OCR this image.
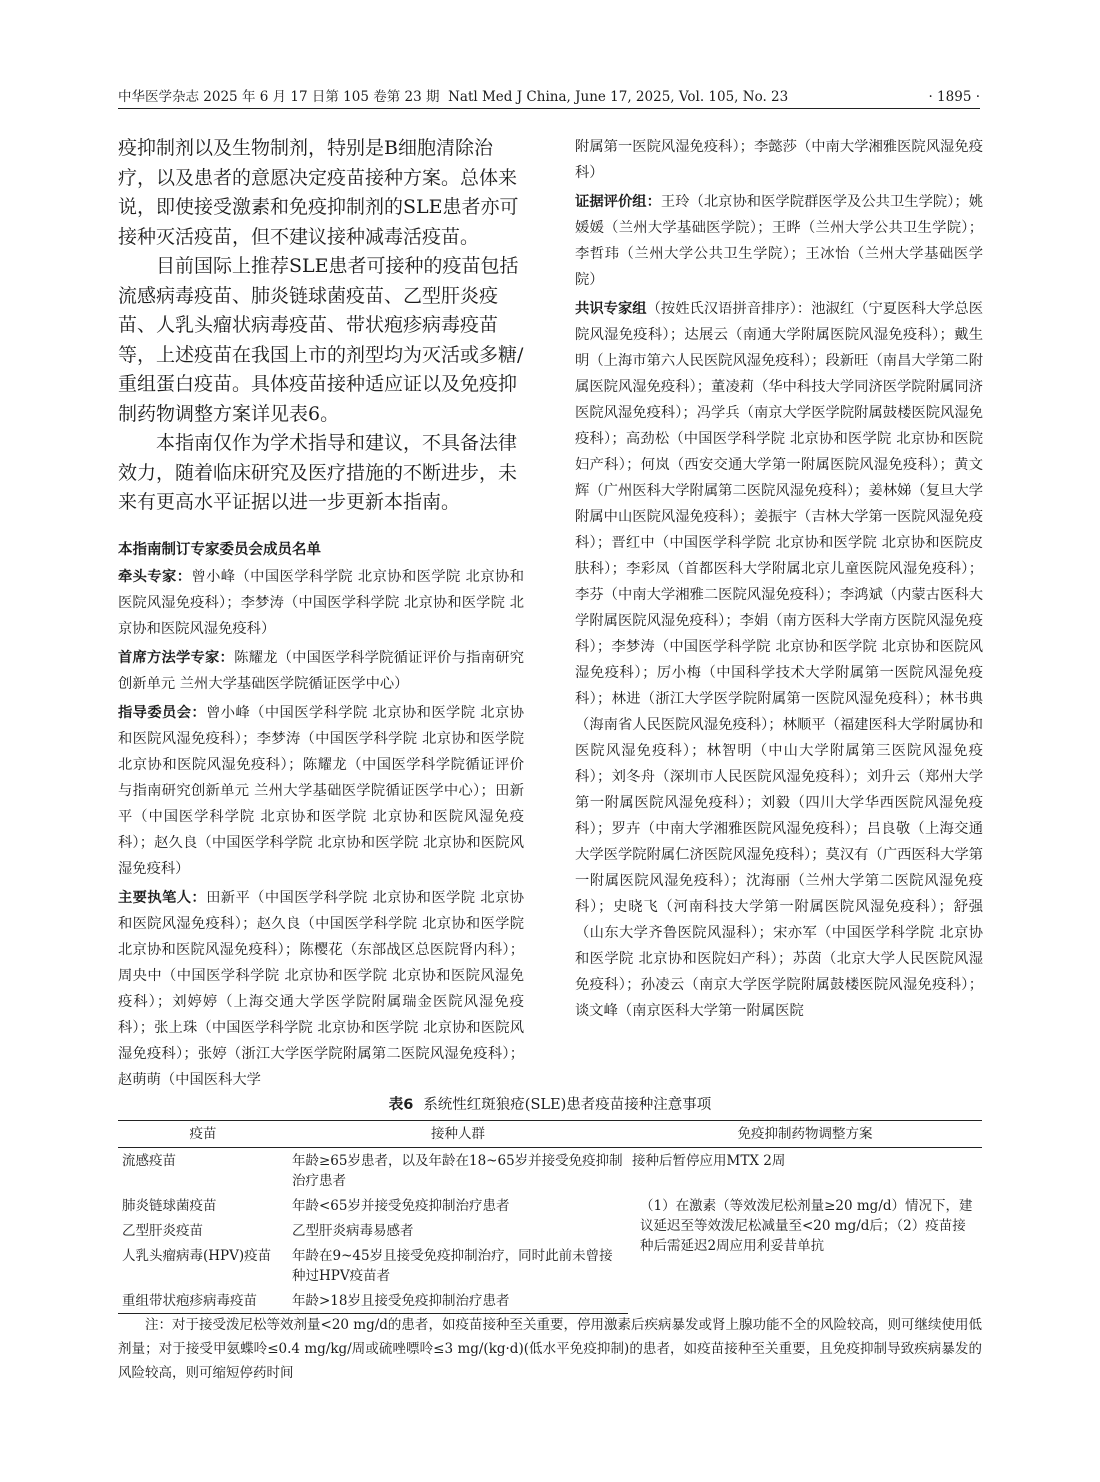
中华医学杂志 2025 年 6 月 17 日第 105 卷第 23 期 Natl Med J China, June 17, 2025, Vol. 105, No. 23	· 1895 ·

疫抑制剂以及生物制剂，特别是B细胞清除治疗，以及患者的意愿决定疫苗接种方案。总体来说，即使接受激素和免疫抑制剂的SLE患者亦可接种灭活疫苗，但不建议接种减毒活疫苗。

目前国际上推荐SLE患者可接种的疫苗包括流感病毒疫苗、肺炎链球菌疫苗、乙型肝炎疫苗、人乳头瘤状病毒疫苗、带状疱疹病毒疫苗等，上述疫苗在我国上市的剂型均为灭活或多糖/重组蛋白疫苗。具体疫苗接种适应证以及免疫抑制药物调整方案详见表6。

本指南仅作为学术指导和建议，不具备法律效力，随着临床研究及医疗措施的不断进步，未来有更高水平证据以进一步更新本指南。

本指南制订专家委员会成员名单

牵头专家：曾小峰（中国医学科学院 北京协和医学院 北京协和医院风湿免疫科）；李梦涛（中国医学科学院 北京协和医学院 北京协和医院风湿免疫科）

首席方法学专家：陈耀龙（中国医学科学院循证评价与指南研究创新单元 兰州大学基础医学院循证医学中心）

指导委员会：曾小峰（中国医学科学院 北京协和医学院 北京协和医院风湿免疫科）；李梦涛（中国医学科学院 北京协和医学院 北京协和医院风湿免疫科）；陈耀龙（中国医学科学院循证评价与指南研究创新单元 兰州大学基础医学院循证医学中心）；田新平（中国医学科学院 北京协和医学院 北京协和医院风湿免疫科）；赵久良（中国医学科学院 北京协和医学院 北京协和医院风湿免疫科）

主要执笔人：田新平（中国医学科学院 北京协和医学院 北京协和医院风湿免疫科）；赵久良（中国医学科学院 北京协和医学院 北京协和医院风湿免疫科）；陈樱花（东部战区总医院肾内科）；周央中（中国医学科学院 北京协和医学院 北京协和医院风湿免疫科）；刘婷婷（上海交通大学医学院附属瑞金医院风湿免疫科）；张上珠（中国医学科学院 北京协和医学院 北京协和医院风湿免疫科）；张婷（浙江大学医学院附属第二医院风湿免疫科）；赵萌萌（中国医科大学

附属第一医院风湿免疫科）；李懿莎（中南大学湘雅医院风湿免疫科）

证据评价组：王玲（北京协和医学院群医学及公共卫生学院）；姚媛媛（兰州大学基础医学院）；王晔（兰州大学公共卫生学院）；李哲玮（兰州大学公共卫生学院）；王冰怡（兰州大学基础医学院）

共识专家组（按姓氏汉语拼音排序）：池淑红（宁夏医科大学总医院风湿免疫科）；达展云（南通大学附属医院风湿免疫科）；戴生明（上海市第六人民医院风湿免疫科）；段新旺（南昌大学第二附属医院风湿免疫科）；董凌莉（华中科技大学同济医学院附属同济医院风湿免疫科）；冯学兵（南京大学医学院附属鼓楼医院风湿免疫科）；高劲松（中国医学科学院 北京协和医学院 北京协和医院妇产科）；何岚（西安交通大学第一附属医院风湿免疫科）；黄文辉（广州医科大学附属第二医院风湿免疫科）；姜林娣（复旦大学附属中山医院风湿免疫科）；姜振宇（吉林大学第一医院风湿免疫科）；晋红中（中国医学科学院 北京协和医学院 北京协和医院皮肤科）；李彩凤（首都医科大学附属北京儿童医院风湿免疫科）；李芬（中南大学湘雅二医院风湿免疫科）；李鸿斌（内蒙古医科大学附属医院风湿免疫科）；李娟（南方医科大学南方医院风湿免疫科）；李梦涛（中国医学科学院 北京协和医学院 北京协和医院风湿免疫科）；厉小梅（中国科学技术大学附属第一医院风湿免疫科）；林进（浙江大学医学院附属第一医院风湿免疫科）；林书典（海南省人民医院风湿免疫科）；林顺平（福建医科大学附属协和医院风湿免疫科）；林智明（中山大学附属第三医院风湿免疫科）；刘冬舟（深圳市人民医院风湿免疫科）；刘升云（郑州大学第一附属医院风湿免疫科）；刘毅（四川大学华西医院风湿免疫科）；罗卉（中南大学湘雅医院风湿免疫科）；吕良敬（上海交通大学医学院附属仁济医院风湿免疫科）；莫汉有（广西医科大学第一附属医院风湿免疫科）；沈海丽（兰州大学第二医院风湿免疫科）；史晓飞（河南科技大学第一附属医院风湿免疫科）；舒强（山东大学齐鲁医院风湿科）；宋亦军（中国医学科学院 北京协和医学院 北京协和医院妇产科）；苏茵（北京大学人民医院风湿免疫科）；孙凌云（南京大学医学院附属鼓楼医院风湿免疫科）；谈文峰（南京医科大学第一附属医院

表6 系统性红斑狼疮(SLE)患者疫苗接种注意事项
疫苗	接种人群	免疫抑制药物调整方案
流感疫苗	年龄≥65岁患者，以及年龄在18~65岁并接受免疫抑制治疗患者	接种后暂停应用MTX 2周
肺炎链球菌疫苗	年龄<65岁并接受免疫抑制治疗患者	（1）在激素（等效泼尼松剂量≥20 mg/d）情况下，建议延迟至等效泼尼松减量至<20 mg/d后；（2）疫苗接种后需延迟2周应用利妥昔单抗
乙型肝炎疫苗	乙型肝炎病毒易感者	
人乳头瘤病毒(HPV)疫苗	年龄在9~45岁且接受免疫抑制治疗，同时此前未曾接种过HPV疫苗者	
重组带状疱疹病毒疫苗	年龄>18岁且接受免疫抑制治疗患者	
注：对于接受泼尼松等效剂量<20 mg/d的患者，如疫苗接种至关重要，停用激素后疾病暴发或肾上腺功能不全的风险较高，则可继续使用低剂量；对于接受甲氨蝶呤≤0.4 mg/kg/周或硫唑嘌呤≤3 mg/(kg·d)(低水平免疫抑制)的患者，如疫苗接种至关重要，且免疫抑制导致疾病暴发的风险较高，则可缩短停药时间
